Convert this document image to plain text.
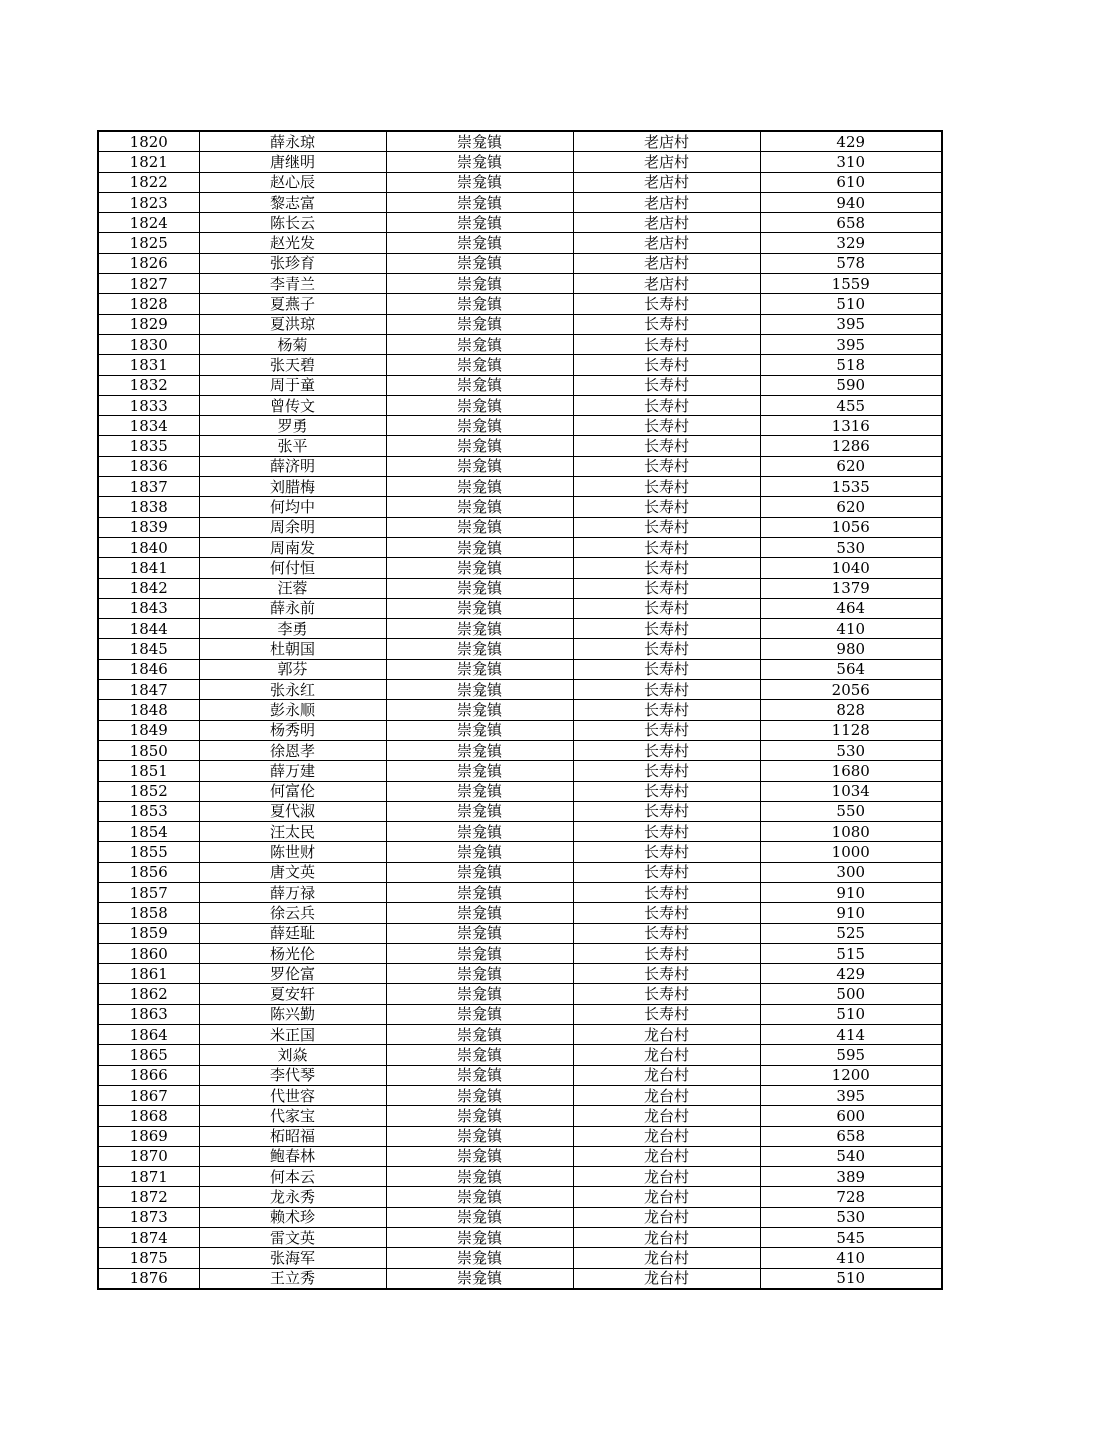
1820	薛永琼	崇龛镇	老店村	429
1821	唐继明	崇龛镇	老店村	310
1822	赵心辰	崇龛镇	老店村	610
1823	黎志富	崇龛镇	老店村	940
1824	陈长云	崇龛镇	老店村	658
1825	赵光发	崇龛镇	老店村	329
1826	张珍育	崇龛镇	老店村	578
1827	李青兰	崇龛镇	老店村	1559
1828	夏燕子	崇龛镇	长寿村	510
1829	夏洪琼	崇龛镇	长寿村	395
1830	杨菊	崇龛镇	长寿村	395
1831	张天碧	崇龛镇	长寿村	518
1832	周于童	崇龛镇	长寿村	590
1833	曾传文	崇龛镇	长寿村	455
1834	罗勇	崇龛镇	长寿村	1316
1835	张平	崇龛镇	长寿村	1286
1836	薛济明	崇龛镇	长寿村	620
1837	刘腊梅	崇龛镇	长寿村	1535
1838	何均中	崇龛镇	长寿村	620
1839	周余明	崇龛镇	长寿村	1056
1840	周南发	崇龛镇	长寿村	530
1841	何付恒	崇龛镇	长寿村	1040
1842	汪蓉	崇龛镇	长寿村	1379
1843	薛永前	崇龛镇	长寿村	464
1844	李勇	崇龛镇	长寿村	410
1845	杜朝国	崇龛镇	长寿村	980
1846	郭芬	崇龛镇	长寿村	564
1847	张永红	崇龛镇	长寿村	2056
1848	彭永顺	崇龛镇	长寿村	828
1849	杨秀明	崇龛镇	长寿村	1128
1850	徐恩孝	崇龛镇	长寿村	530
1851	薛万建	崇龛镇	长寿村	1680
1852	何富伦	崇龛镇	长寿村	1034
1853	夏代淑	崇龛镇	长寿村	550
1854	汪太民	崇龛镇	长寿村	1080
1855	陈世财	崇龛镇	长寿村	1000
1856	唐文英	崇龛镇	长寿村	300
1857	薛万禄	崇龛镇	长寿村	910
1858	徐云兵	崇龛镇	长寿村	910
1859	薛廷耻	崇龛镇	长寿村	525
1860	杨光伦	崇龛镇	长寿村	515
1861	罗伦富	崇龛镇	长寿村	429
1862	夏安轩	崇龛镇	长寿村	500
1863	陈兴勤	崇龛镇	长寿村	510
1864	米正国	崇龛镇	龙台村	414
1865	刘焱	崇龛镇	龙台村	595
1866	李代琴	崇龛镇	龙台村	1200
1867	代世容	崇龛镇	龙台村	395
1868	代家宝	崇龛镇	龙台村	600
1869	柘昭福	崇龛镇	龙台村	658
1870	鲍春林	崇龛镇	龙台村	540
1871	何本云	崇龛镇	龙台村	389
1872	龙永秀	崇龛镇	龙台村	728
1873	赖术珍	崇龛镇	龙台村	530
1874	雷文英	崇龛镇	龙台村	545
1875	张海军	崇龛镇	龙台村	410
1876	王立秀	崇龛镇	龙台村	510
